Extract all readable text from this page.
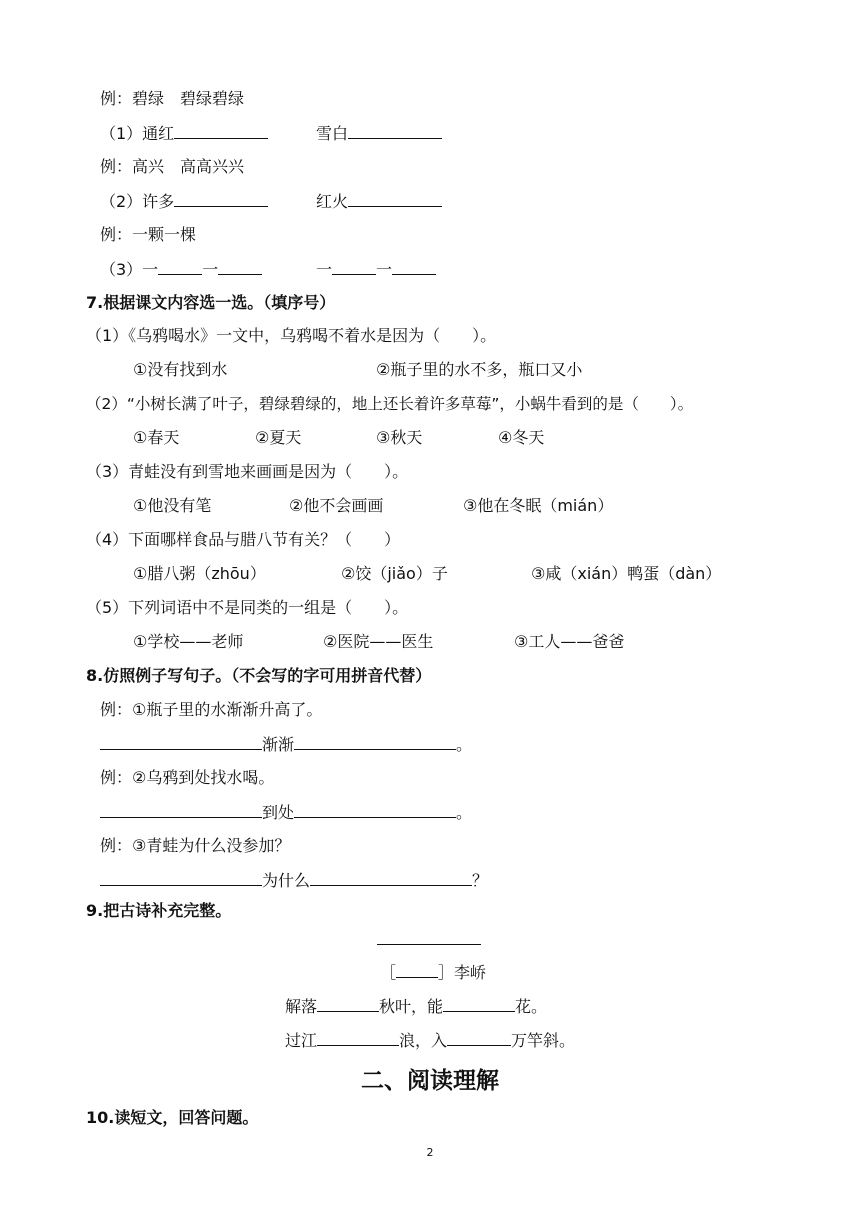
例：碧绿　碧绿碧绿
（1）通红	雪白
例：高兴　高高兴兴
（2）许多	红火
例：一颗一棵
（3）一	一	一	一
7.根据课文内容选一选。（填序号）
（1）《乌鸦喝水》一文中，乌鸦喝不着水是因为（　　）。
①没有找到水	②瓶子里的水不多，瓶口又小
（2）“小树长满了叶子，碧绿碧绿的，地上还长着许多草莓”，小蜗牛看到的是（　　）。
①春天	②夏天	③秋天	④冬天
（3）青蛙没有到雪地来画画是因为（　　）。
①他没有笔	②他不会画画	③他在冬眠（mián）
（4）下面哪样食品与腊八节有关？（　　）
①腊八粥（zhōu）	②饺（jiǎo）子	③咸（xián）鸭蛋（dàn）
（5）下列词语中不是同类的一组是（　　）。
①学校——老师	②医院——医生	③工人——爸爸
8.仿照例子写句子。（不会写的字可用拼音代替）
例：①瓶子里的水渐渐升高了。
渐渐	。
例：②乌鸦到处找水喝。
到处	。
例：③青蛙为什么没参加？
为什么	？
9.把古诗补充完整。
［	］李峤
解落	秋叶，能	花。
过江	浪，入	万竿斜。
二、阅读理解
10.读短文，回答问题。
2
